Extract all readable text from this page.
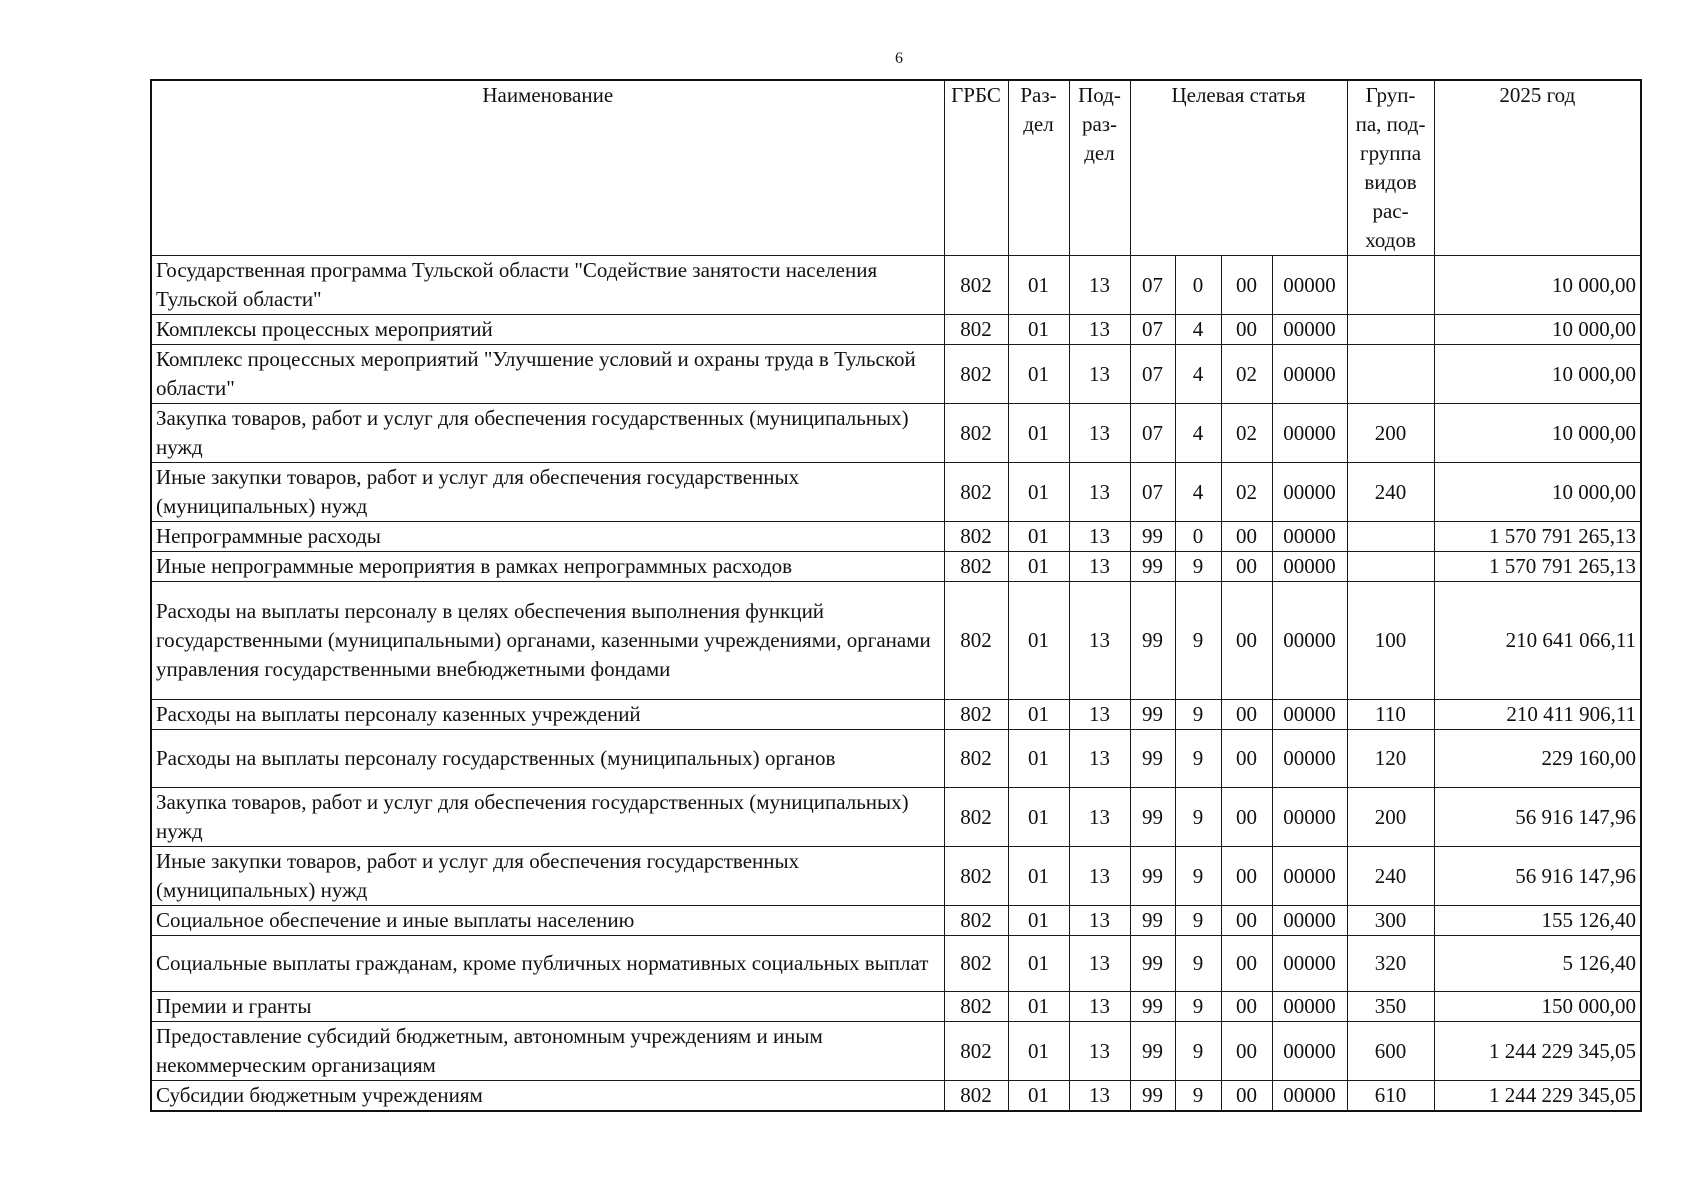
6
Наименование	ГРБС	Раз- дел	Под- раз- дел	Целевая статья				Груп- па, под- группа видов рас- ходов	2025 год
Государственная программа Тульской области "Содействие занятости населения Тульской области"	802	01	13	07	0	00	00000		10 000,00
Комплексы процессных мероприятий	802	01	13	07	4	00	00000		10 000,00
Комплекс процессных мероприятий "Улучшение условий и охраны труда в Тульской области"	802	01	13	07	4	02	00000		10 000,00
Закупка товаров, работ и услуг для обеспечения государственных (муниципальных) нужд	802	01	13	07	4	02	00000	200	10 000,00
Иные закупки товаров, работ и услуг для обеспечения государственных (муниципальных) нужд	802	01	13	07	4	02	00000	240	10 000,00
Непрограммные расходы	802	01	13	99	0	00	00000		1 570 791 265,13
Иные непрограммные мероприятия в рамках непрограммных расходов	802	01	13	99	9	00	00000		1 570 791 265,13
Расходы на выплаты персоналу в целях обеспечения выполнения функций государственными (муниципальными) органами, казенными учреждениями, органами управления государственными внебюджетными фондами	802	01	13	99	9	00	00000	100	210 641 066,11
Расходы на выплаты персоналу казенных учреждений	802	01	13	99	9	00	00000	110	210 411 906,11
Расходы на выплаты персоналу государственных (муниципальных) органов	802	01	13	99	9	00	00000	120	229 160,00
Закупка товаров, работ и услуг для обеспечения государственных (муниципальных) нужд	802	01	13	99	9	00	00000	200	56 916 147,96
Иные закупки товаров, работ и услуг для обеспечения государственных (муниципальных) нужд	802	01	13	99	9	00	00000	240	56 916 147,96
Социальное обеспечение и иные выплаты населению	802	01	13	99	9	00	00000	300	155 126,40
Социальные выплаты гражданам, кроме публичных нормативных социальных выплат	802	01	13	99	9	00	00000	320	5 126,40
Премии и гранты	802	01	13	99	9	00	00000	350	150 000,00
Предоставление субсидий бюджетным, автономным учреждениям и иным некоммерческим организациям	802	01	13	99	9	00	00000	600	1 244 229 345,05
Субсидии бюджетным учреждениям	802	01	13	99	9	00	00000	610	1 244 229 345,05
